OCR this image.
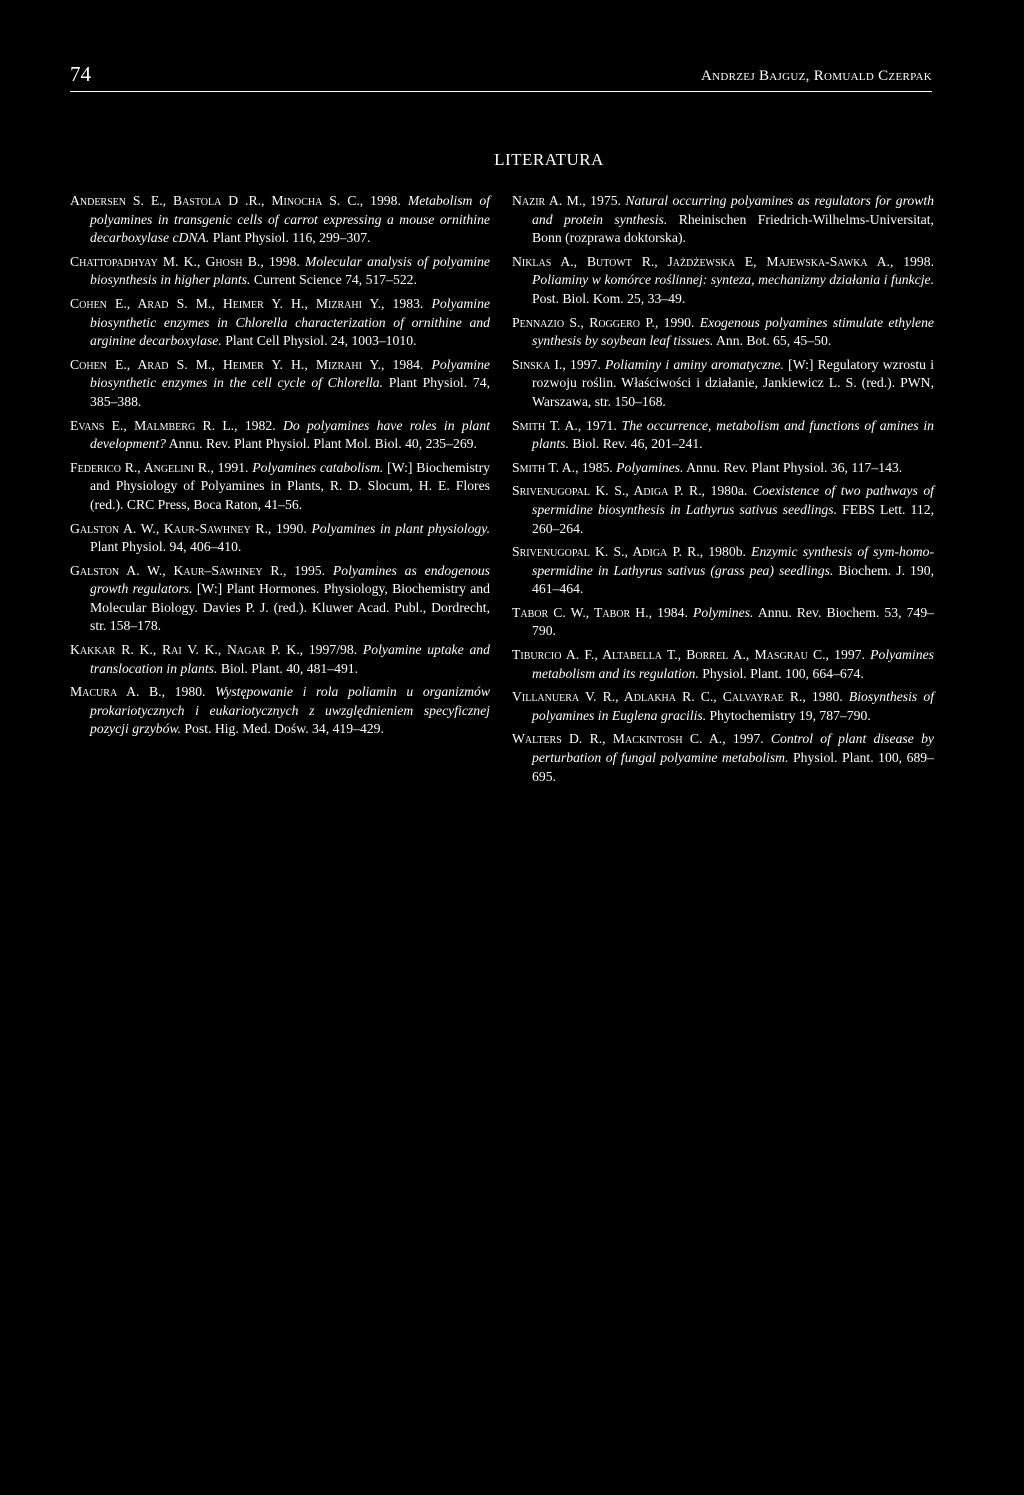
74	Andrzej Bajguz, Romuald Czerpak
LITERATURA

Andersen S. E., Bastola D .R., Minocha S. C., 1998. Metabolism of polyamines in transgenic cells of carrot expressing a mouse ornithine decarboxylase cDNA. Plant Physiol. 116, 299–307.

Chattopadhyay M. K., Ghosh B., 1998. Molecular analysis of polyamine biosynthesis in higher plants. Current Science 74, 517–522.

Cohen E., Arad S. M., Heimer Y. H., Mizrahi Y., 1983. Polyamine biosynthetic enzymes in Chlorella characterization of ornithine and arginine decarboxylase. Plant Cell Physiol. 24, 1003–1010.

Cohen E., Arad S. M., Heimer Y. H., Mizrahi Y., 1984. Polyamine biosynthetic enzymes in the cell cycle of Chlorella. Plant Physiol. 74, 385–388.

Evans E., Malmberg R. L., 1982. Do polyamines have roles in plant development? Annu. Rev. Plant Physiol. Plant Mol. Biol. 40, 235–269.

Federico R., Angelini R., 1991. Polyamines catabolism. [W:] Biochemistry and Physiology of Polyamines in Plants, R. D. Slocum, H. E. Flores (red.). CRC Press, Boca Raton, 41–56.

Galston A. W., Kaur-Sawhney R., 1990. Polyamines in plant physiology. Plant Physiol. 94, 406–410.

Galston A. W., Kaur–Sawhney R., 1995. Polyamines as endogenous growth regulators. [W:] Plant Hormones. Physiology, Biochemistry and Molecular Biology. Davies P. J. (red.). Kluwer Acad. Publ., Dordrecht, str. 158–178.

Kakkar R. K., Rai V. K., Nagar P. K., 1997/98. Polyamine uptake and translocation in plants. Biol. Plant. 40, 481–491.

Macura A. B., 1980. Występowanie i rola poliamin u organizmów prokariotycznych i eukariotycznych z uwzględnieniem specyficznej pozycji grzybów. Post. Hig. Med. Dośw. 34, 419–429.

Nazir A. M., 1975. Natural occurring polyamines as regulators for growth and protein synthesis. Rheinischen Friedrich-Wilhelms-Universitat, Bonn (rozprawa doktorska).

Niklas A., Butowt R., Jażdżewska E, Majewska-Sawka A., 1998. Poliaminy w komórce roślinnej: synteza, mechanizmy działania i funkcje. Post. Biol. Kom. 25, 33–49.

Pennazio S., Roggero P., 1990. Exogenous polyamines stimulate ethylene synthesis by soybean leaf tissues. Ann. Bot. 65, 45–50.

Sinska I., 1997. Poliaminy i aminy aromatyczne. [W:] Regulatory wzrostu i rozwoju roślin. Właściwości i działanie, Jankiewicz L. S. (red.). PWN, Warszawa, str. 150–168.

Smith T. A., 1971. The occurrence, metabolism and functions of amines in plants. Biol. Rev. 46, 201–241.

Smith T. A., 1985. Polyamines. Annu. Rev. Plant Physiol. 36, 117–143.

Srivenugopal K. S., Adiga P. R., 1980a. Coexistence of two pathways of spermidine biosynthesis in Lathyrus sativus seedlings. FEBS Lett. 112, 260–264.

Srivenugopal K. S., Adiga P. R., 1980b. Enzymic synthesis of sym-homo-spermidine in Lathyrus sativus (grass pea) seedlings. Biochem. J. 190, 461–464.

Tabor C. W., Tabor H., 1984. Polymines. Annu. Rev. Biochem. 53, 749–790.

Tiburcio A. F., Altabella T., Borrel A., Masgrau C., 1997. Polyamines metabolism and its regulation. Physiol. Plant. 100, 664–674.

Villanuera V. R., Adlakha R. C., Calvayrae R., 1980. Biosynthesis of polyamines in Euglena gracilis. Phytochemistry 19, 787–790.

Walters D. R., Mackintosh C. A., 1997. Control of plant disease by perturbation of fungal polyamine metabolism. Physiol. Plant. 100, 689–695.
